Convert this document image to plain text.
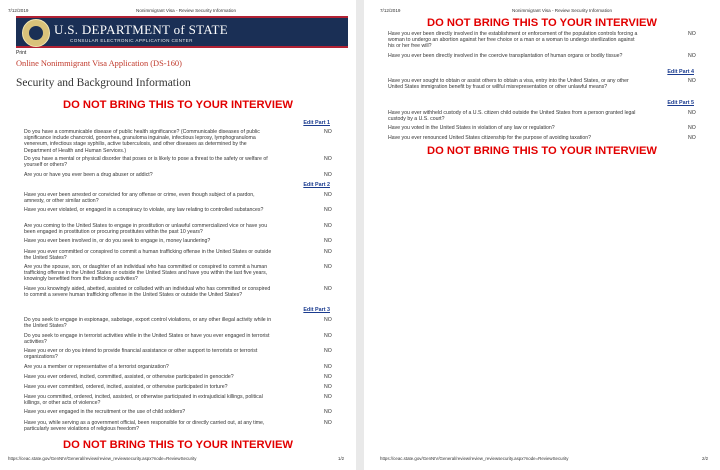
7/12/2019	Nonimmigrant Visa - Review Security Information
U.S. DEPARTMENT of STATE
CONSULAR ELECTRONIC APPLICATION CENTER
Print
Online Nonimmigrant Visa Application (DS-160)
Security and Background Information
DO NOT BRING THIS TO YOUR INTERVIEW
Edit Part 1
Do you have a communicable disease of public health significance? (Communicable diseases of public significance include chancroid, gonorrhea, granuloma inguinale, infectious leprosy, lymphogranuloma venereum, infectious stage syphilis, active tuberculosis, and other diseases as determined by the Department of Health and Human Services.)
NO
Do you have a mental or physical disorder that poses or is likely to pose a threat to the safety or welfare of yourself or others?
NO
Are you or have you ever been a drug abuser or addict?	NO
Edit Part 2
Have you ever been arrested or convicted for any offense or crime, even though subject of a pardon, amnesty, or other similar action?
NO
Have you ever violated, or engaged in a conspiracy to violate, any law relating to controlled substances?	NO
Are you coming to the United States to engage in prostitution or unlawful commercialized vice or have you been engaged in prostitution or procuring prostitutes within the past 10 years?
NO
Have you ever been involved in, or do you seek to engage in, money laundering?	NO
Have you ever committed or conspired to commit a human trafficking offense in the United States or outside the United States?
NO
Are you the spouse, son, or daughter of an individual who has committed or conspired to commit a human trafficking offense in the United States or outside the United States and have you within the last five years, knowingly benefited from the trafficking activities?
NO
Have you knowingly aided, abetted, assisted or colluded with an individual who has committed or conspired to commit a severe human trafficking offense in the United States or outside the United States?
NO
Edit Part 3
Do you seek to engage in espionage, sabotage, export control violations, or any other illegal activity while in the United States?
NO
Do you seek to engage in terrorist activities while in the United States or have you ever engaged in terrorist activities?
NO
Have you ever or do you intend to provide financial assistance or other support to terrorists or terrorist organizations?
NO
Are you a member or representative of a terrorist organization?	NO
Have you ever ordered, incited, committed, assisted, or otherwise participated in genocide?	NO
Have you ever committed, ordered, incited, assisted, or otherwise participated in torture?	NO
Have you committed, ordered, incited, assisted, or otherwise participated in extrajudicial killings, political killings, or other acts of violence?
NO
Have you ever engaged in the recruitment or the use of child soldiers?	NO
Have you, while serving as a government official, been responsible for or directly carried out, at any time, particularly severe violations of religious freedom?
NO
DO NOT BRING THIS TO YOUR INTERVIEW
https://ceac.state.gov/GenNIV/General/review/review_reviewsecurity.aspx?node=ReviewSecurity	1/2
7/12/2019	Nonimmigrant Visa - Review Security Information
DO NOT BRING THIS TO YOUR INTERVIEW
Have you ever been directly involved in the establishment or enforcement of the population controls forcing a woman to undergo an abortion against her free choice or a man or a woman to undergo sterilization against his or her free will?
NO
Have you ever been directly involved in the coercive transplantation of human organs or bodily tissue?	NO
Edit Part 4
Have you ever sought to obtain or assist others to obtain a visa, entry into the United States, or any other United States immigration benefit by fraud or willful misrepresentation or other unlawful means?
NO
Edit Part 5
Have you ever withheld custody of a U.S. citizen child outside the United States from a person granted legal custody by a U.S. court?
NO
Have you voted in the United States in violation of any law or regulation?	NO
Have you ever renounced United States citizenship for the purpose of avoiding taxation?	NO
DO NOT BRING THIS TO YOUR INTERVIEW
https://ceac.state.gov/GenNIV/General/review/review_reviewsecurity.aspx?node=ReviewSecurity	2/2
